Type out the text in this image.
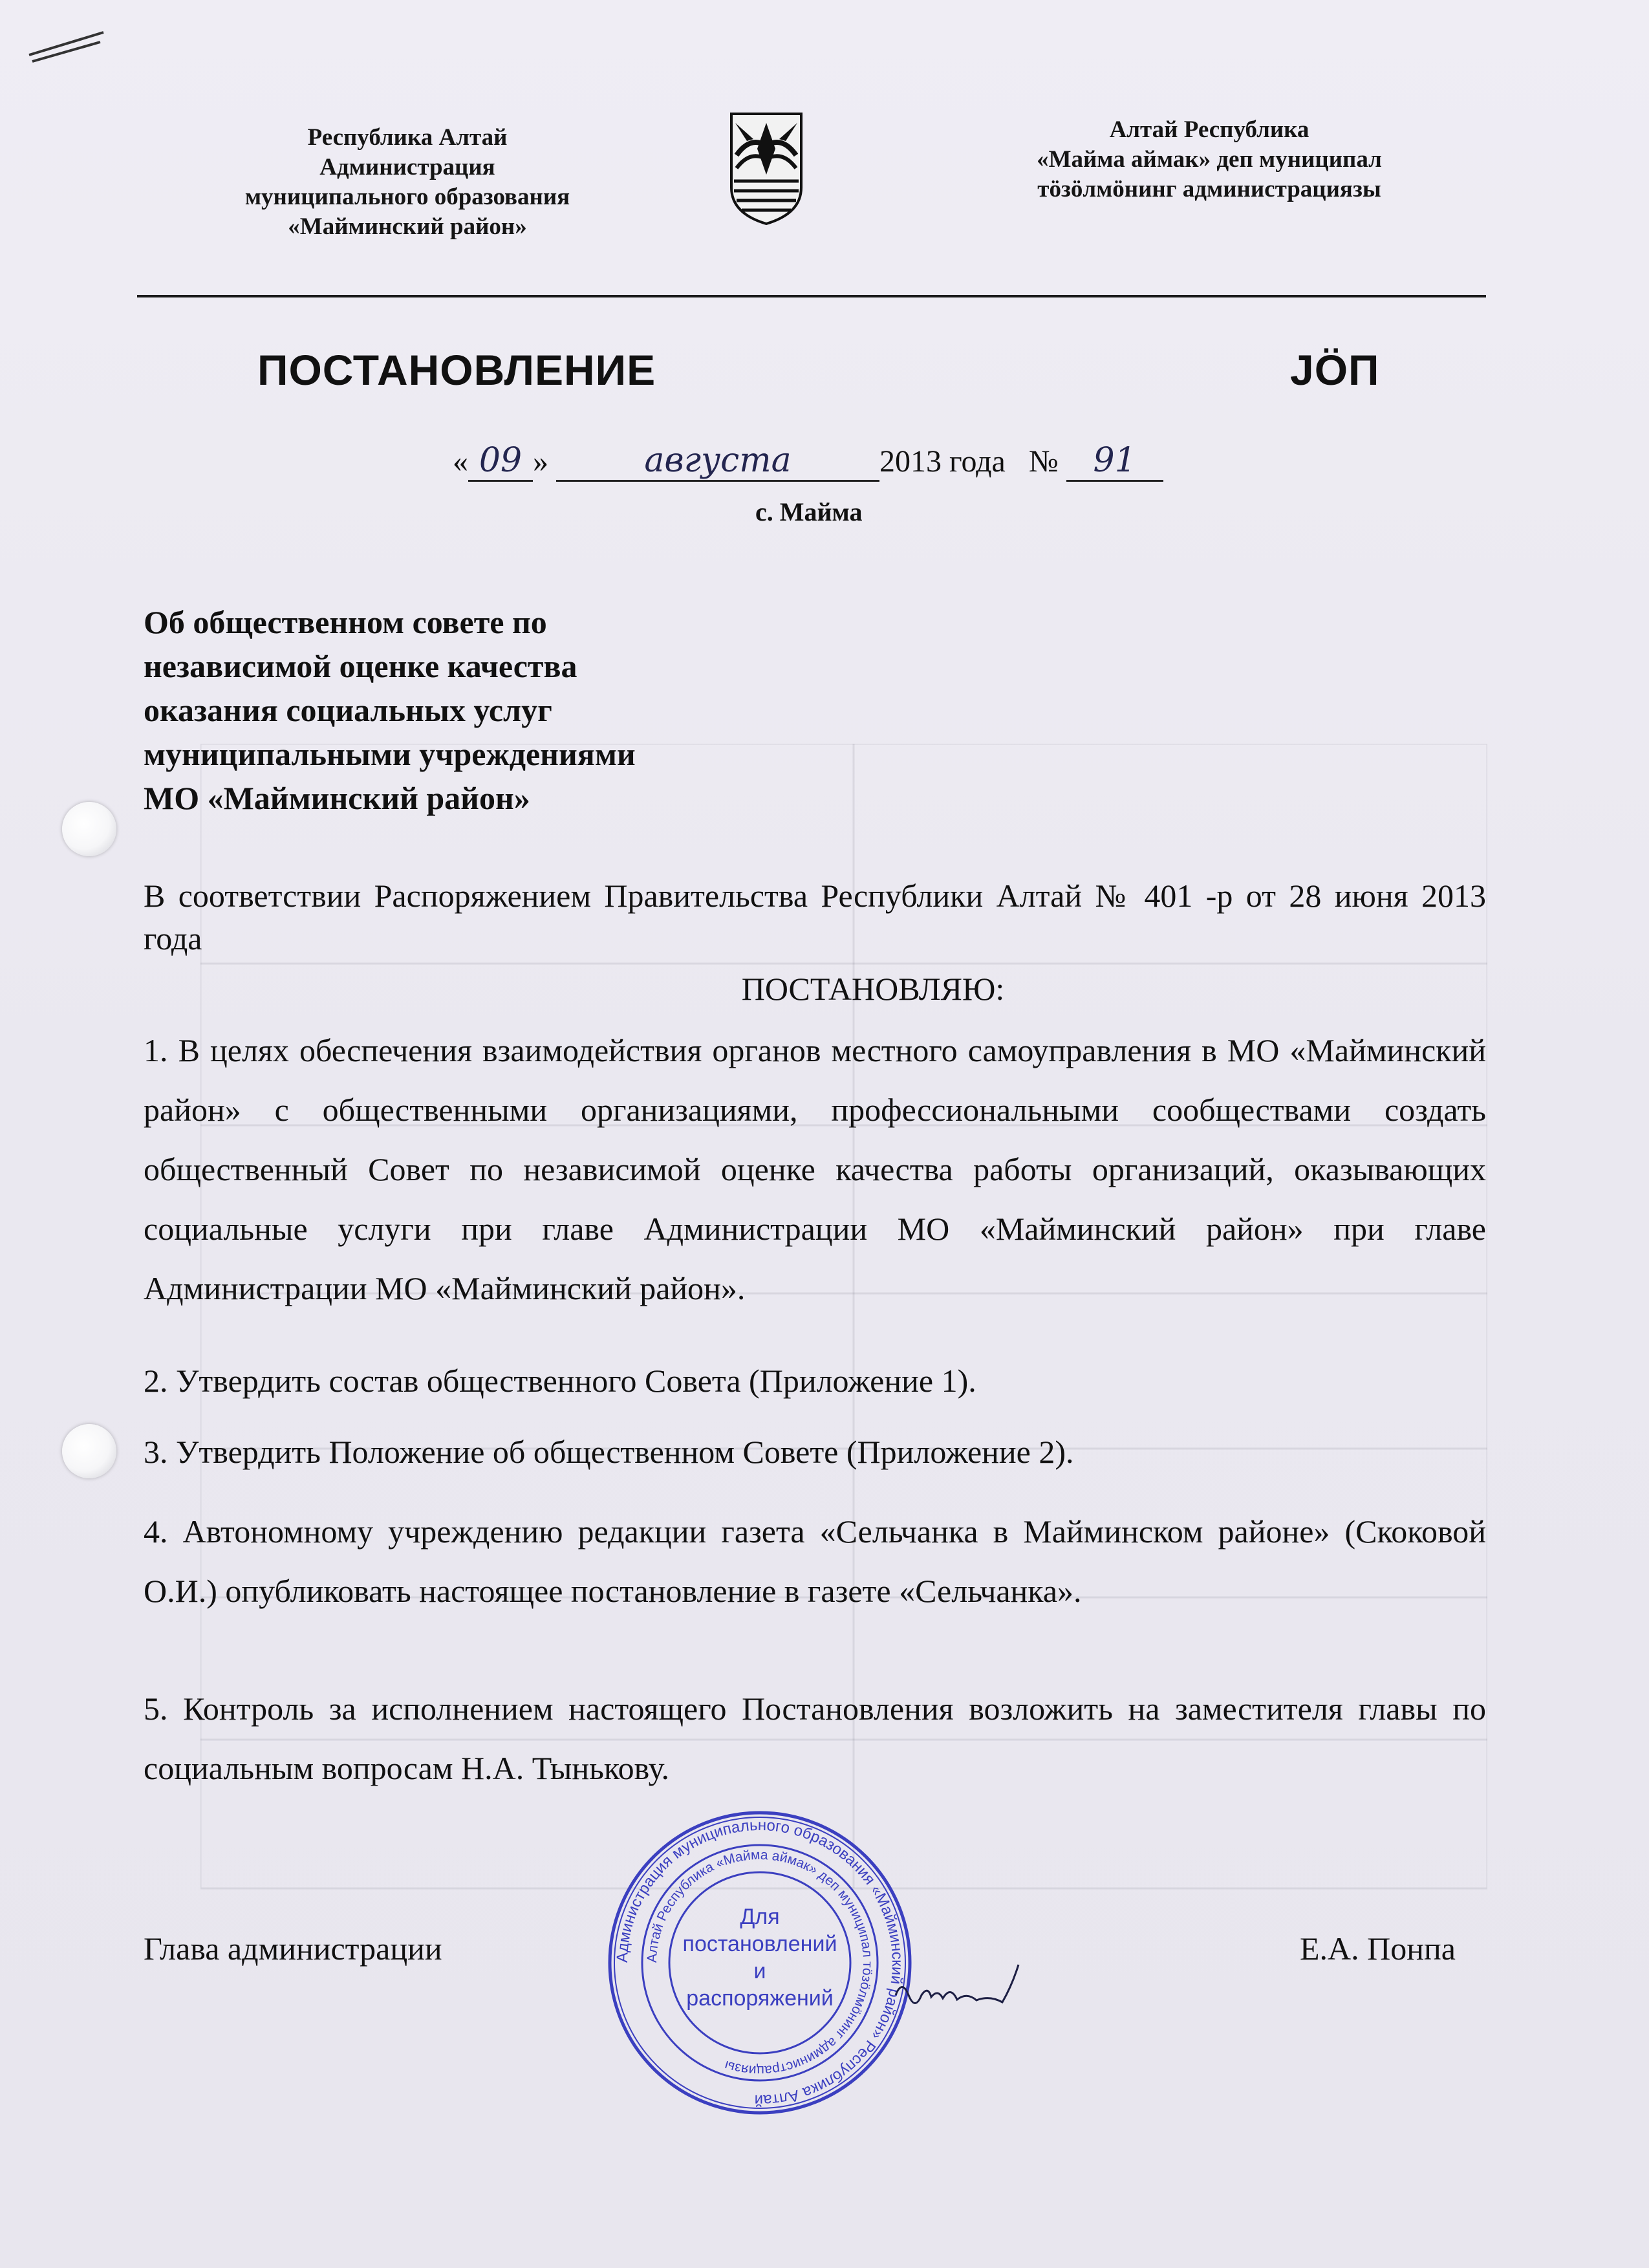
Республика Алтай
Администрация
муниципального образования
«Майминский район»
Алтай Республика
«Майма аймак» деп муниципал
тöзöлмöнинг администрациязы
ПОСТАНОВЛЕНИЕ	JÖП
« 09 »	августа	2013 года № 91
с. Майма
Об общественном совете по
независимой оценке качества
оказания социальных услуг
муниципальными учреждениями
МО «Майминский район»
В соответствии Распоряжением Правительства Республики Алтай № 401 -р от 28 июня 2013 года
ПОСТАНОВЛЯЮ:
1. В целях обеспечения взаимодействия органов местного самоуправления в МО «Майминский район» с общественными организациями, профессиональными сообществами создать общественный Совет по независимой оценке качества работы организаций, оказывающих социальные услуги при главе Администрации МО «Майминский район» при главе Администрации МО «Майминский район».
2. Утвердить состав общественного Совета (Приложение 1).
3. Утвердить Положение об общественном Совете (Приложение 2).
4. Автономному учреждению редакции газета «Сельчанка в Майминском районе» (Скоковой О.И.) опубликовать настоящее постановление в газете «Сельчанка».
5. Контроль за исполнением настоящего Постановления возложить на заместителя главы по социальным вопросам Н.А. Тынькову.
Глава администрации	Е.А. Понпа
Администрация муниципального образования «Майминский район» Республика Алтай
Алтай Республика «Майма аймак» деп муниципал тöзöлмöнинг администрациязы
Для
постановлений
и
распоряжений
